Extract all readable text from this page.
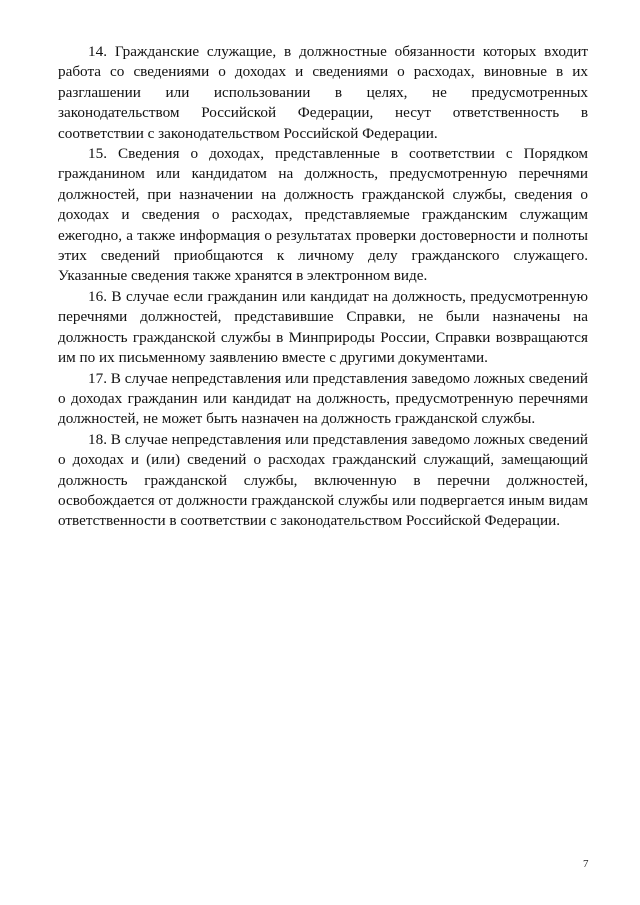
14. Гражданские служащие, в должностные обязанности которых входит работа со сведениями о доходах и сведениями о расходах, виновные в их разглашении или использовании в целях, не предусмотренных законодательством Российской Федерации, несут ответственность в соответствии с законодательством Российской Федерации.

15. Сведения о доходах, представленные в соответствии с Порядком гражданином или кандидатом на должность, предусмотренную перечнями должностей, при назначении на должность гражданской службы, сведения о доходах и сведения о расходах, представляемые гражданским служащим ежегодно, а также информация о результатах проверки достоверности и полноты этих сведений приобщаются к личному делу гражданского служащего. Указанные сведения также хранятся в электронном виде.

16. В случае если гражданин или кандидат на должность, предусмотренную перечнями должностей, представившие Справки, не были назначены на должность гражданской службы в Минприроды России, Справки возвращаются им по их письменному заявлению вместе с другими документами.

17. В случае непредставления или представления заведомо ложных сведений о доходах гражданин или кандидат на должность, предусмотренную перечнями должностей, не может быть назначен на должность гражданской службы.

18. В случае непредставления или представления заведомо ложных сведений о доходах и (или) сведений о расходах гражданский служащий, замещающий должность гражданской службы, включенную в перечни должностей, освобождается от должности гражданской службы или подвергается иным видам ответственности в соответствии с законодательством Российской Федерации.

7
